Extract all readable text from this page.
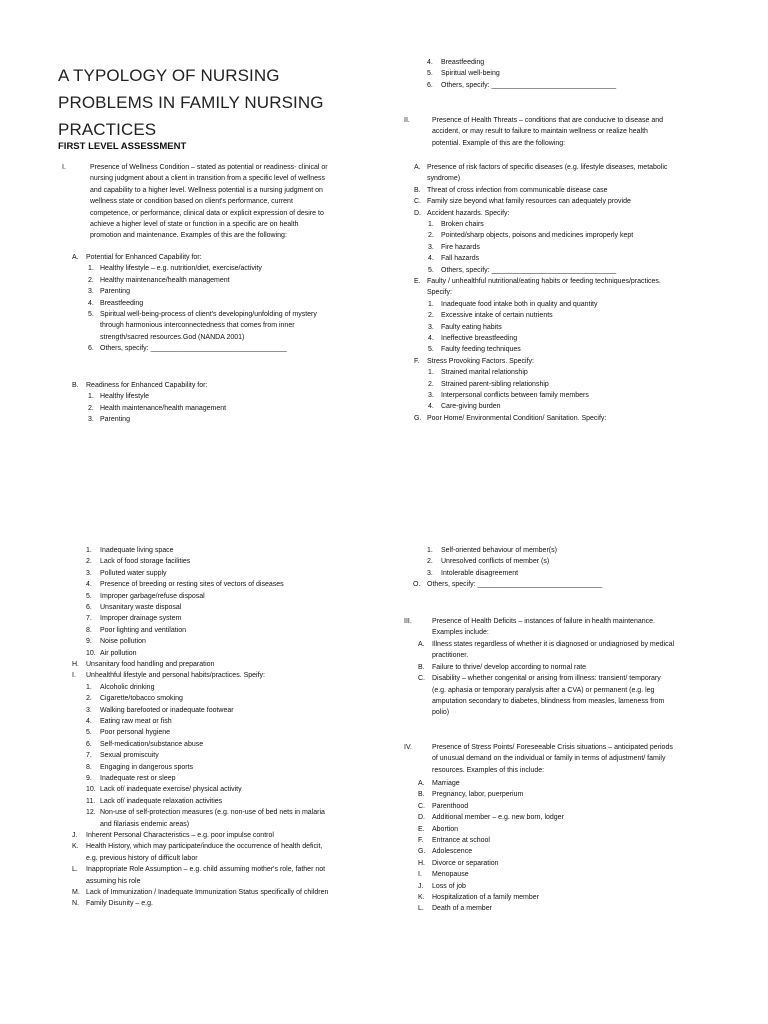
A TYPOLOGY OF NURSING
PROBLEMS IN FAMILY NURSING
PRACTICES
FIRST LEVEL ASSESSMENT
I.	Presence of Wellness Condition – stated as potential or readiness- clinical or
nursing judgment about a client in transition from a specific level of wellness
and capability to a higher level. Wellness potential is a nursing judgment on
wellness state or condition based on client's performance, current
competence, or performance, clinical data or explicit expression of desire to
achieve a higher level of state or function in a specific are on health
promotion and maintenance. Examples of this are the following:
Potential for Enhanced Capability for:
A.
1. Healthy lifestyle – e.g. nutrition/diet, exercise/activity
2. Healthy maintenance/health management
3. Parenting
4. Breastfeeding
5. Spiritual well-being-process of client's developing/unfolding of mystery
through harmonious interconnectedness that comes from inner
strength/sacred resources.God (NANDA 2001)
6. Others, specify: ___________________________________
B. Readiness for Enhanced Capability for:
1. Healthy lifestyle
2. Health maintenance/health management
3. Parenting
4. Breastfeeding
5. Spiritual well-being
6. Others, specify: ________________________________
II.	Presence of Health Threats – conditions that are conducive to disease and
accident, or may result to failure to maintain wellness or realize health
potential. Example of this are the following:
A. Presence of risk factors of specific diseases (e.g. lifestyle diseases, metabolic
syndrome)
B. Threat of cross infection from communicable disease case
C. Family size beyond what family resources can adequately provide
D. Accident hazards. Specify:
1. Broken chairs
2. Pointed/sharp objects, poisons and medicines improperly kept
3. Fire hazards
4. Fall hazards
5. Others, specify: ________________________________
E. Faulty / unhealthful nutritional/eating habits or feeding techniques/practices.
Specify:
1. Inadequate food intake both in quality and quantity
2. Excessive intake of certain nutrients
3. Faulty eating habits
4. Ineffective breastfeeding
5. Faulty feeding techniques
F. Stress Provoking Factors. Specify:
1. Strained marital relationship
2. Strained parent-sibling relationship
3. Interpersonal conflicts between family members
4. Care-giving burden
G. Poor Home/ Environmental Condition/ Sanitation. Specify:
1. Inadequate living space
2. Lack of food storage facilities
3. Polluted water supply
4. Presence of breeding or resting sites of vectors of diseases
5. Improper garbage/refuse disposal
6. Unsanitary waste disposal
7. Improper drainage system
8. Poor lighting and ventilation
9. Noise pollution
10. Air pollution
H. Unsanitary food handling and preparation
I. Unhealthful lifestyle and personal habits/practices. Speify:
1. Alcoholic drinking
2. Cigarette/tobacco smoking
3. Walking barefooted or inadequate footwear
4. Eating raw meat or fish
5. Poor personal hygiene
6. Self-medication/substance abuse
7. Sexual promiscuity
8. Engaging in dangerous sports
9. Inadequate rest or sleep
10. Lack of/ inadequate exercise/ physical activity
11. Lack of/ inadequate relaxation activities
12. Non-use of self-protection measures (e.g. non-use of bed nets in malaria
and filariasis endemic areas)
J. Inherent Personal Characteristics – e.g. poor impulse control
K. Health History, which may participate/induce the occurrence of health deficit,
e.g. previous history of difficult labor
L. Inappropriate Role Assumption – e.g. child assuming mother's role, father not
assuming his role
M. Lack of Immunization / Inadequate Immunization Status specifically of children
N. Family Disunity – e.g.
1. Self-oriented behaviour of member(s)
2. Unresolved conflicts of member (s)
3. Intolerable disagreement
O. Others, specify: ________________________________
III.	Presence of Health Deficits – instances of failure in health maintenance.
Examples include:
A. Illness states regardless of whether it is diagnosed or undiagnosed by medical
practitioner.
B. Failure to thrive/ develop according to normal rate
C. Disability – whether congenital or arising from illness: transient/ temporary
(e.g. aphasia or temporary paralysis after a CVA) or permanent (e.g. leg
amputation secondary to diabetes, blindness from measles, lameness from
polio)
IV.	Presence of Stress Points/ Foreseeable Crisis situations – anticipated periods
of unusual demand on the individual or family in terms of adjustment/ family
resources. Examples of this include:
A. Marriage
B. Pregnancy, labor, puerperium
C. Parenthood
D. Additional member – e.g. new born, lodger
E. Abortion
F. Entrance at school
G. Adolescence
H. Divorce or separation
I. Menopause
J. Loss of job
K. Hospitalization of a family member
L. Death of a member
